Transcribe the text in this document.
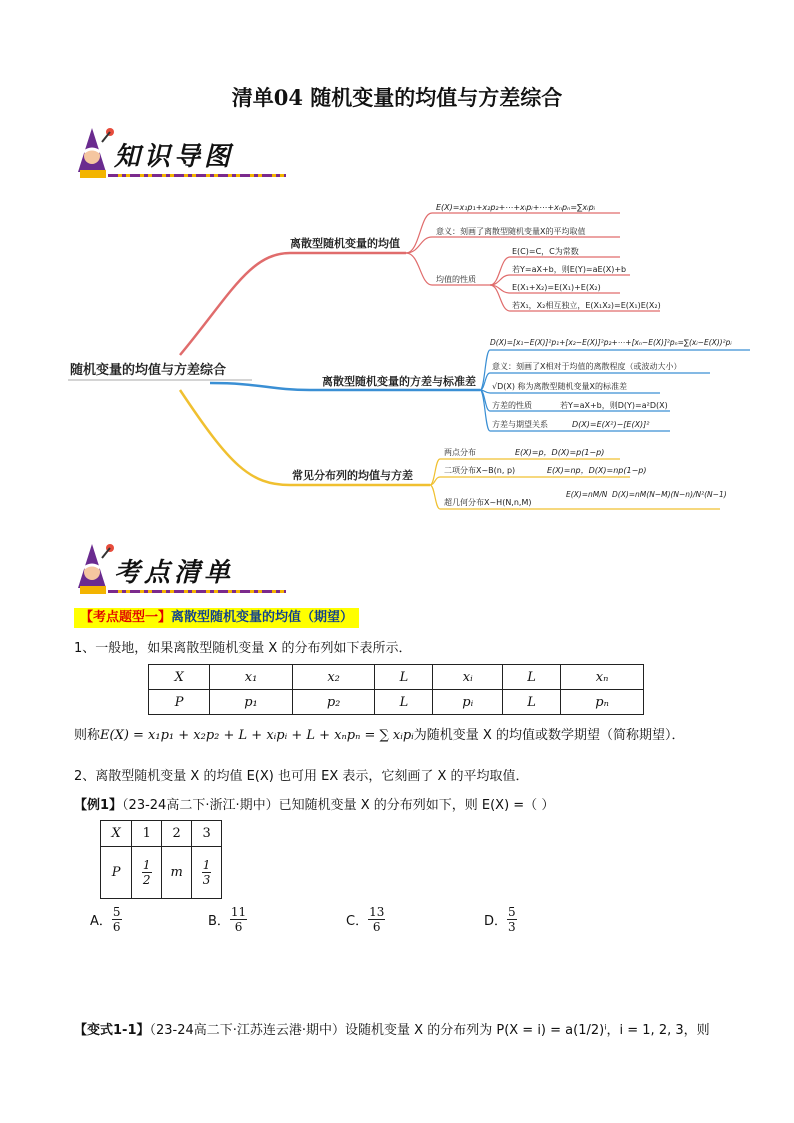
清单04 随机变量的均值与方差综合
知识导图
随机变量的均值与方差综合
离散型随机变量的均值
E(X)=x₁p₁+x₂p₂+⋯+xᵢpᵢ+⋯+xₙpₙ=∑xᵢpᵢ
意义：刻画了离散型随机变量X的平均取值
均值的性质
E(C)=C，C为常数
若Y=aX+b，则E(Y)=aE(X)+b
E(X₁+X₂)=E(X₁)+E(X₂)
若X₁，X₂相互独立，E(X₁X₂)=E(X₁)E(X₂)
离散型随机变量的方差与标准差
D(X)=[x₁−E(X)]²p₁+[x₂−E(X)]²p₂+⋯+[xₙ−E(X)]²pₙ=∑(xᵢ−E(X))²pᵢ
意义：刻画了X相对于均值的离散程度（或波动大小）
√D(X) 称为离散型随机变量X的标准差
方差的性质	若Y=aX+b，则D(Y)=a²D(X)
方差与期望关系	D(X)=E(X²)−[E(X)]²
常见分布列的均值与方差
两点分布	E(X)=p，D(X)=p(1−p)
二项分布X~B(n, p)	E(X)=np，D(X)=np(1−p)
超几何分布X~H(N,n,M)
E(X)=nM/N D(X)=nM(N−M)(N−n)/N²(N−1)
考点清单
【考点题型一】离散型随机变量的均值（期望）
1、一般地，如果离散型随机变量 X 的分布列如下表所示．
X	x₁	x₂	L	xᵢ	L	xₙ
P	p₁	p₂	L	pᵢ	L	pₙ
则称E(X) = x₁p₁ + x₂p₂ + L + xᵢpᵢ + L + xₙpₙ = ∑ xᵢpᵢ为随机变量 X 的均值或数学期望（简称期望）．
2、离散型随机变量 X 的均值 E(X) 也可用 EX 表示，它刻画了 X 的平均取值．
【例1】（23-24高二下·浙江·期中）已知随机变量 X 的分布列如下，则 E(X) =（ ）
X	1	2	3
P	$\frac{1}{2}$	m	$\frac{1}{3}$
A． $\frac{5}{6}$	B． $\frac{11}{6}$	C． $\frac{13}{6}$	D． $\frac{5}{3}$
【变式1-1】（23-24高二下·江苏连云港·期中）设随机变量 X 的分布列为 P(X = i) = a(1/2)ⁱ，i = 1, 2, 3，则
